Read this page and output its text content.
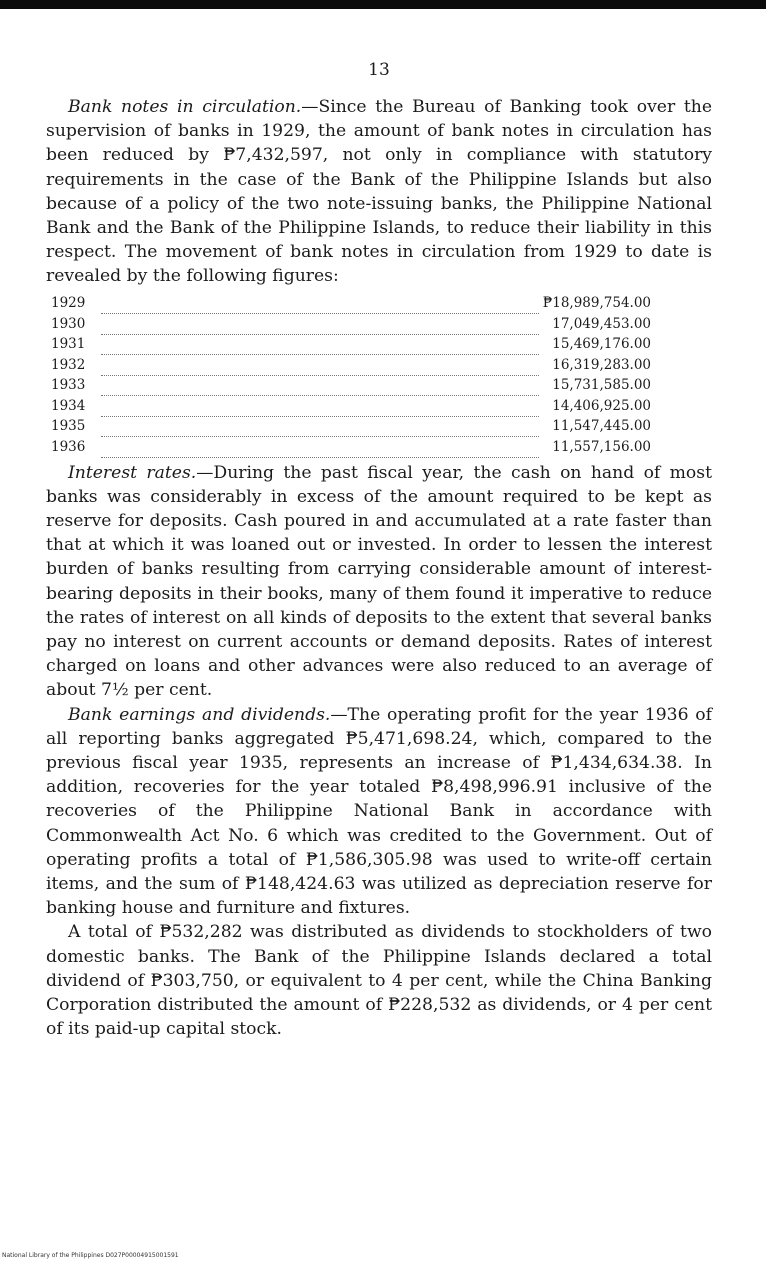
13

Bank notes in circulation.—Since the Bureau of Banking took over the supervision of banks in 1929, the amount of bank notes in circulation has been reduced by ₱7,432,597, not only in compliance with statutory requirements in the case of the Bank of the Philippine Islands but also because of a policy of the two note-issuing banks, the Philippine National Bank and the Bank of the Philippine Islands, to reduce their liability in this respect. The movement of bank notes in circulation from 1929 to date is revealed by the following figures:

1929		₱18,989,754.00
1930		17,049,453.00
1931		15,469,176.00
1932		16,319,283.00
1933		15,731,585.00
1934		14,406,925.00
1935		11,547,445.00
1936		11,557,156.00

Interest rates.—During the past fiscal year, the cash on hand of most banks was considerably in excess of the amount required to be kept as reserve for deposits. Cash poured in and accumulated at a rate faster than that at which it was loaned out or invested. In order to lessen the interest burden of banks resulting from carrying considerable amount of interest-bearing deposits in their books, many of them found it imperative to reduce the rates of interest on all kinds of deposits to the extent that several banks pay no interest on current accounts or demand deposits. Rates of interest charged on loans and other advances were also reduced to an average of about 7½ per cent.

Bank earnings and dividends.—The operating profit for the year 1936 of all reporting banks aggregated ₱5,471,698.24, which, compared to the previous fiscal year 1935, represents an increase of ₱1,434,634.38. In addition, recoveries for the year totaled ₱8,498,996.91 inclusive of the recoveries of the Philippine National Bank in accordance with Commonwealth Act No. 6 which was credited to the Government. Out of operating profits a total of ₱1,586,305.98 was used to write-off certain items, and the sum of ₱148,424.63 was utilized as depreciation reserve for banking house and furniture and fixtures.

A total of ₱532,282 was distributed as dividends to stockholders of two domestic banks. The Bank of the Philippine Islands declared a total dividend of ₱303,750, or equivalent to 4 per cent, while the China Banking Corporation distributed the amount of ₱228,532 as dividends, or 4 per cent of its paid-up capital stock.

National Library of the Philippines D027P00004915001591
